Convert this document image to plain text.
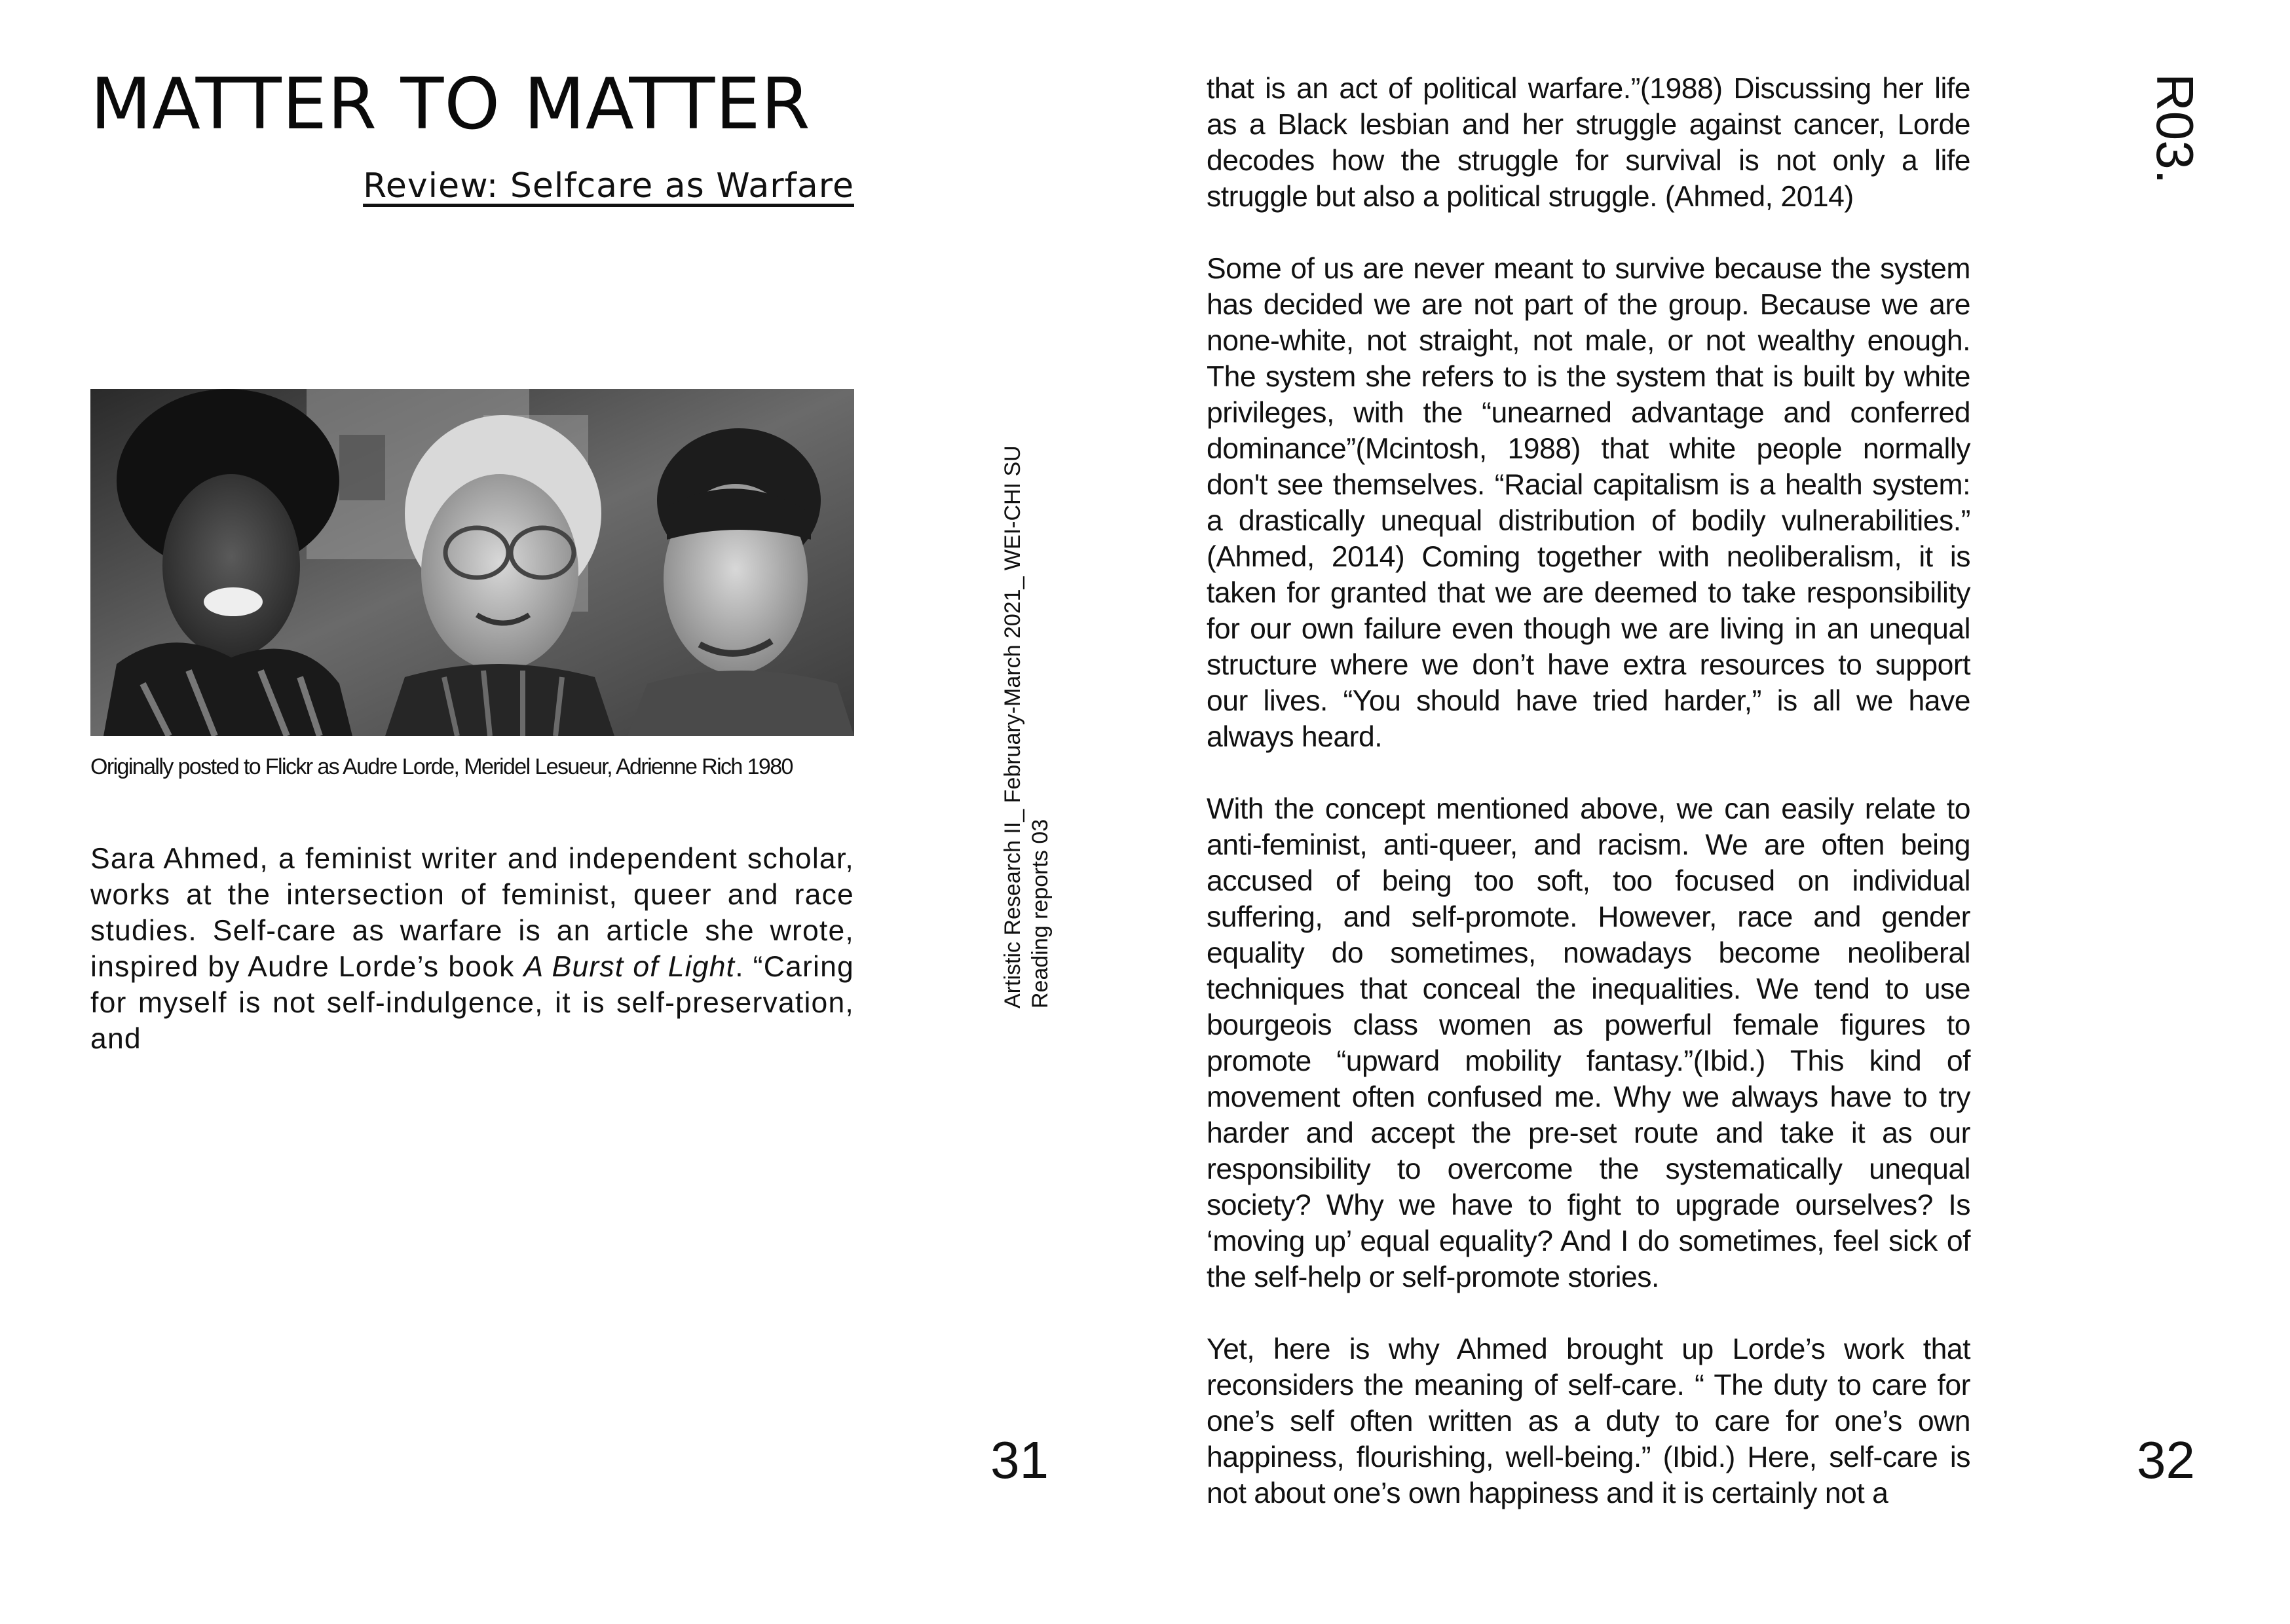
MATTER TO MATTER
Review: Selfcare as Warfare
Originally posted to Flickr as Audre Lorde, Meridel Lesueur, Adrienne Rich 1980
Sara Ahmed, a feminist writer and independent scholar, works at the intersection of feminist, queer and race studies. Self-care as warfare is an article she wrote, inspired by Audre Lorde’s book A Burst of Light. “Caring for myself is not self-indulgence, it is self-preservation, and
Artistic Research II_ February-March 2021_ WEI-CHI SU Reading reports 03
31

that is an act of political warfare.”(1988) Discussing her life as a Black lesbian and her struggle against cancer, Lorde decodes how the struggle for survival is not only a life struggle but also a political struggle. (Ahmed, 2014)

Some of us are never meant to survive because the system has decided we are not part of the group. Because we are none-white, not straight, not male, or not wealthy enough. The system she refers to is the system that is built by white privileges, with the “unearned advantage and conferred dominance”(Mcintosh, 1988) that white people normally don't see themselves. “Racial capitalism is a health system: a drastically unequal distribution of bodily vulnerabilities.” (Ahmed, 2014) Coming together with neoliberalism, it is taken for granted that we are deemed to take responsibility for our own failure even though we are living in an unequal structure where we don’t have extra resources to support our lives. “You should have tried harder,” is all we have always heard.

With the concept mentioned above, we can easily relate to anti-feminist, anti-queer, and racism. We are often being accused of being too soft, too focused on individual suffering, and self-promote. However, race and gender equality do sometimes, nowadays become neoliberal techniques that conceal the inequalities. We tend to use bourgeois class women as powerful female figures to promote “upward mobility fantasy.”(Ibid.) This kind of movement often confused me. Why we always have to try harder and accept the pre-set route and take it as our responsibility to overcome the systematically unequal society? Why we have to fight to upgrade ourselves? Is ‘moving up’ equal equality? And I do sometimes, feel sick of the self-help or self-promote stories.

Yet, here is why Ahmed brought up Lorde’s work that reconsiders the meaning of self-care. “ The duty to care for one’s self often written as a duty to care for one’s own happiness, flourishing, well-being.” (Ibid.) Here, self-care is not about one’s own happiness and it is certainly not a

R03.
32
